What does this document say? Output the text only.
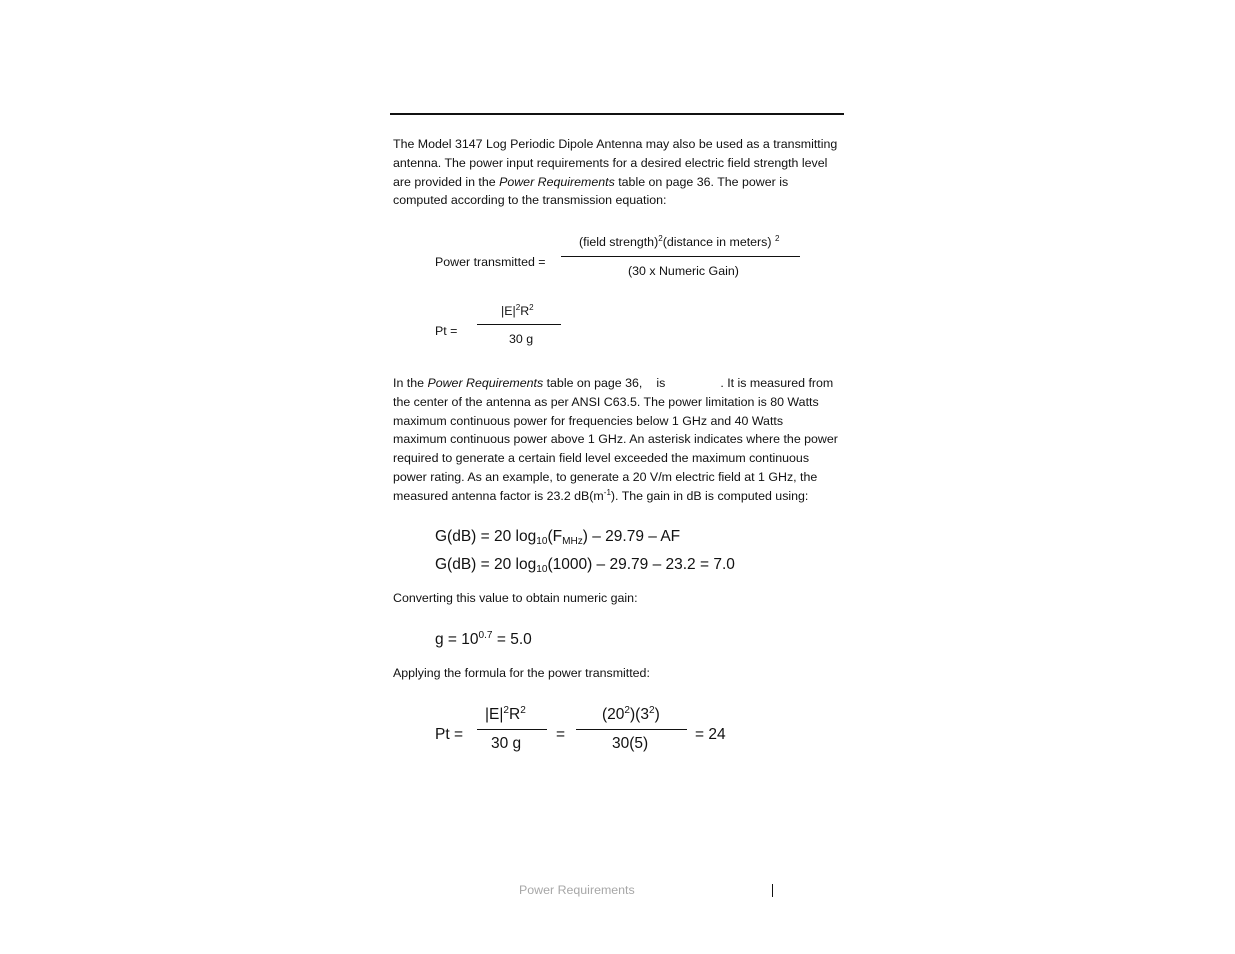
The Model 3147 Log Periodic Dipole Antenna may also be used as a transmitting
antenna. The power input requirements for a desired electric field strength level
are provided in the Power Requirements table on page 36. The power is
computed according to the transmission equation:
Power transmitted =
(field strength)$^2$(distance in meters) $^2$
(30 x Numeric Gain)
Pt =
$|E|^2R^2$
30 g
In the Power Requirements table on page 36, is	. It is measured from
the center of the antenna as per ANSI C63.5. The power limitation is 80 Watts
maximum continuous power for frequencies below 1 GHz and 40 Watts
maximum continuous power above 1 GHz. An asterisk indicates where the power
required to generate a certain field level exceeded the maximum continuous
power rating. As an example, to generate a 20 V/m electric field at 1 GHz, the
measured antenna factor is 23.2 $dB(m^{-1})$. The gain in dB is computed using:
G(dB) = 20 $\log_{10}(F_{MHz}) - 29.79$ – AF
G(dB) = 20 $\log_{10}(1000) - 29.79 - 23.2 = 7.0$
Converting this value to obtain numeric gain:
$g = 10^{0.7} = 5.0$
Applying the formula for the power transmitted:
Pt =
$|E|^2R^2$
30 g
=
$(20^2)(3^2)$
30(5)
= 24
Power Requirements
